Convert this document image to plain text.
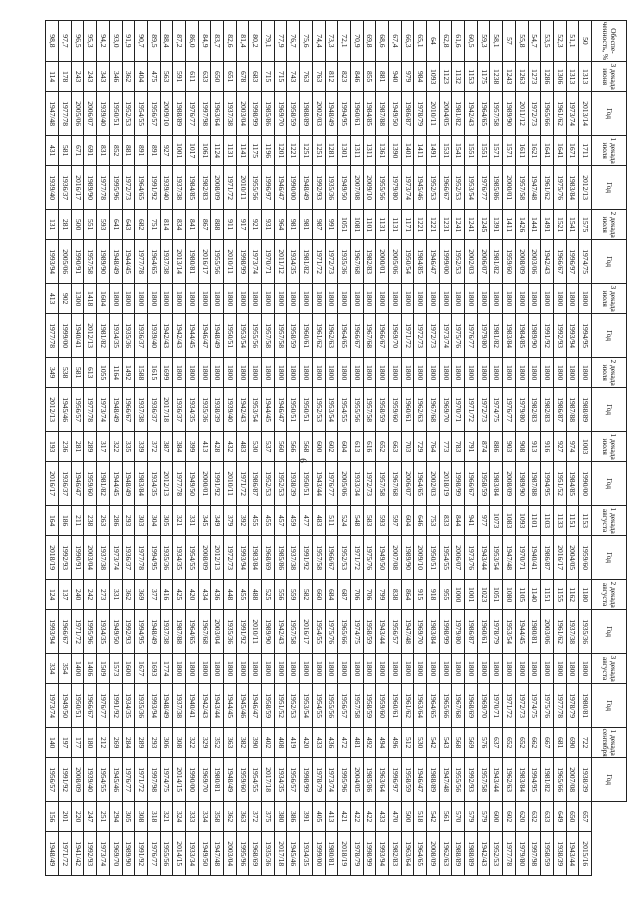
6
Обеспе-ченность, %	3 декада июня	Год	1 декада июля	Год	2 декада июля	Год	3 декада июля	Год	2 декада июля	Год	1 декада июля	Год	1 декада августа	Год	2 декада августа	Год	3 декада августа	Год	1 декада сентября	Год		
50	1313	2013/14	1711	2012/13	1575	1974/75	1800	1994/95	1800	1988/89	1003	1990/00	1153	1959/60	1180	1935/36	1800	1980/81	722	1938/39	657	2015/16
51,1	1313	1973/74	1671	1983/84	1541	1996/97	1800	1993/94	1800	1987/88	974	1984/85	1151	2004/05	1162	1937/38	1800	1978/79	690	2007/08	650	1943/44
52,3	1306	1961/62	1641	1975/76	1521	1966/67	1800	1992/93	1800	1986/87	927	1951/52	1133	2016/17	1155	1961/62	1800	1977/78	681	1965/66	649	1938/39
53,5	1286	1965/66	1641	1961/62	1491	1942/43	1800	1991/92	1800	1982/83	916	1994/95	1103	1986/87	1151	2003/06	1800	1975/76	667	1981/82	633	1958/59
54,7	1273	1972/73	1621	1947/48	1441	2003/06	1800	1989/90	1800	1982/83	913	1987/88	1101	1940/41	1140	1980/81	1800	1974/75	662	1994/95	632	1997/98
55,8	1263	2011/12	1611	1957/58	1426	2008/09	1800	1984/85	1800	1979/80	908	1989/90	1093	1970/71	1105	1944/45	1800	1972/73	652	1983/84	620	1979/80
57	1243	1989/90	1571	2000/01	1411	1959/60	1800	1983/84	1800	1976/77	903	2008/09	1083	1947/48	1080	1953/54	1800	1971/72	652	1962/63	602	1977/78
58,1	1238	1957/58	1571	1985/86	1391	1981/82	1800	1981/82	1800	1974/75	886	1983/84	1073	1953/54	1051	1978/79	1800	1970/71	637	1943/44	600	1952/53
59,3	1175	1964/65	1551	1976/77	1245	2006/07	1800	1979/80	1800	1972/73	874	1958/59	977	1943/44	1023	1960/61	1800	1969/70	576	1957/58	579	1942/43
60,5	1153	1942/43	1551	1953/54	1241	2002/03	1800	1976/77	1800	1971/72	791	1966/67	941	1973/76	1001	1986/87	1800	1968/69	569	1992/93	579	1988/89
61,6	1132	1981/82	1541	1952/53	1241	1952/53	1800	1975/76	1800	1970/71	783	1998/99	844	2006/07	1000	1979/80	1800	1967/68	568	1955/56	570	1988/89
62,8	1123	2004/05	1531	1966/67	1231	1999/00	1800	1973/74	1800	1969/70	773	2018/19	833	1954/55	955	1998/99	1800	1965/66	543	1947/48	561	1962/63
64	1093	2010/11	1491	1952/53	1221	1946/47	1800	1972/73	1800	1967/68	764	2002/03	753	1950/51	918	1983/84	1800	1964/65	542	1988/89	542	2008/09
65,1	984	1978/79	1411	1945/46	1221	1984/85	1800	1972/73	1800	1962/63	729	1964/65	646	2009/10	915	1969/70	1800	1963/64	530	1946/47	518	1964/65
66,3	979	1986/87	1401	1973/74	1171	1950/54	1800	1971/72	1800	1960/61	703	2006/07	604	1989/90	864	1947/48	1800	1961/62	512	1958/59	500	1963/64
67,4	940	1949/50	1390	1979/80	1131	2005/06	1800	1969/70	1800	1959/60	663	1967/68	597	2007/08	838	1956/57	1800	1960/61	496	1996/97	470	1982/83
68,6	881	1987/88	1361	1955/56	1131	2000/01	1800	1966/67	1800	1958/59	652	1957/58	593	1949/50	799	1943/44	1800	1959/60	494	1963/64	433	1993/94
69,8	855	1984/85	1311	2009/10	1101	1982/83	1800	1967/68	1800	1957/58	616	1972/73	583	1975/76	706	1958/59	1800	1958/59	492	1985/86	422	1998/99
70,9	846	1960/61	1311	2007/08	1081	1967/68	1800	1966/67	1800	1955/56	613	1933/34	548	1971/72	706	1974/75	1800	1957/58	481	2004/05	422	1978/79
72,1	823	1994/95	1301	1949/50	1051	1935/36	1800	1964/65	1800	1954/55	604	2005/06	524	1952/53	687	1965/66	1800	1956/57	472	1995/96	421	2018/19
73,3	812	1948/49	1281	1935/36	991	1972/73	1800	1962/63	1800	1953/54	602	1976/77	511	1966/67	684	1975/76	1800	1955/56	436	1973/74	413	1980/81
74,4	763	2002/03	1251	1992/93	987	1971/72	1800	1961/62	1800	1952/53	600	1943/44	483	1957/58	660	1954/55	1800	1954/55	433	1978/79	405	1999/00
75,6	763	1988/89	1251	1948/49	981	1981/82	1800	1960/61	1800	1950/51	568	1950/51	477	1991/92	582	2016/17	1800	1953/54	420	1998/99	391	1934/35
76,7	743	1958/59	1221	1990/00	981	1934/35	1800	1958/59	1800	1950/51	566	1938/39	459	1937/38	559	1957/58	1800	1952/53	419	1956/57	386	1945/46
77,9	715	1969/70	1201	1946/47	964	2011/12	1800	1957/58	1800	1946/47	560	1952/53	457	1985/86	556	1942/43	1800	1951/52	408	1934/35	380	2017/18
79,1	715	1985/86	1196	1996/97	931	1970/71	1800	1957/58	1800	1944/45	537	1952/53	455	1968/69	525	1989/90	1800	1958/59	402	2017/18	375	1935/36
80,2	683	1998/99	1175	1955/56	921	1973/74	1800	1955/56	1800	1953/54	530	1986/87	455	1983/84	488	2010/11	1800	1946/47	390	1954/55	372	1968/69
81,4	678	2003/04	1141	2010/11	917	1998/99	1800	1953/54	1800	1942/43	483	1971/72	392	1993/94	455	1991/92	1800	1945/46	382	1959/60	363	1995/96
82,6	651	1937/38	1131	1971/72	911	2010/11	1800	1950/51	1800	1939/40	432	2010/11	379	1972/73	448	1935/36	1800	1944/45	363	1948/49	362	2003/04
83,7	650	1963/64	1124	2008/09	888	1955/56	1800	1948/49	1800	1938/39	428	1991/92	349	2012/13	436	2003/04	1800	1943/44	352	1980/81	358	1947/48
84,9	633	1997/98	1061	1982/83	867	2016/17	1800	1946/47	1800	1935/36	413	2000/01	345	2008/09	434	1967/68	1800	1942/43	329	1969/70	334	1949/50
86,0	611	1976/77	1017	1984/85	841	1980/81	1800	1944/45	1800	1934/35	399	1949/50	331	1954/55	420	1964/65	1800	1940/41	322	1990/00	333	1933/34
87,2	591	1988/89	1001	1937/38	834	2013/14	1800	1942/43	1800	1936/37	384	1977/78	321	1934/35	425	1987/88	1800	1937/38	308	2014/15	324	2014/15
88,4	563	2009/10	927	1939/40	814	1937/38	1800	1942/43	1699	2017/18	387	2012/13	305	1935/36	416	1937/38	1774	1948/49	306	1974/75	321	1955/56
89,5	475	1956/57	891	1991/92	751	1964/65	1800	1939/40	1615	1936/37	372	1934/35	304	1994/95	377	1948/49	1693	1993/94	293	1997/98	318	1976/77
90,7	404	1954/55	891	1964/65	682	1977/78	1800	1936/37	1588	1937/38	339	1983/84	303	1977/78	369	1994/95	1677	1935/36	289	1971/72	308	1991/92
91,9	362	1952/53	881	1972/73	643	1944/45	1800	1935/36	1492	1966/67	335	1948/49	293	1936/37	362	1992/93	1600	1934/35	284	1976/77	305	1989/90
93,0	346	1950/51	852	1995/96	641	1948/49	1800	1934/35	1164	1948/49	322	1944/45	286	1973/74	331	1949/50	1573	1991/92	269	1945/46	294	1969/70
94,2	343	1939/40	831	1977/78	593	1989/90	1604	1981/82	1055	1973/74	317	1981/82	263	1937/38	273	1934/35	1509	1976/77	212	1954/55	251	1973/74
95,3	243	2006/07	691	1989/90	551	1957/58	1418	2012/13	613	1977/78	289	1959/60	238	2003/04	242	1995/96	1406	1966/67	180	1939/40	247	1992/93
96,5	243	2005/06	671	2016/17	500	1990/91	1300	1940/41	581	1956/57	281	1946/47	211	1990/91	240	1971/72	1400	1950/51	177	2008/09	220	1941/42
97,7	178	1977/78	581	1936/37	281	2005/06	902	1999/00	538	1945/46	236	1936/37	186	1992/93	137	1966/67	354	1949/50	197	1991/92	201	1971/72
98,8	114	1947/48	431	1939/40	131	1993/94	413	1977/78	349	2012/13	193	2016/17	164	2018/19	124	1993/94	334	1973/74	140	1956/57	156	1948/49
